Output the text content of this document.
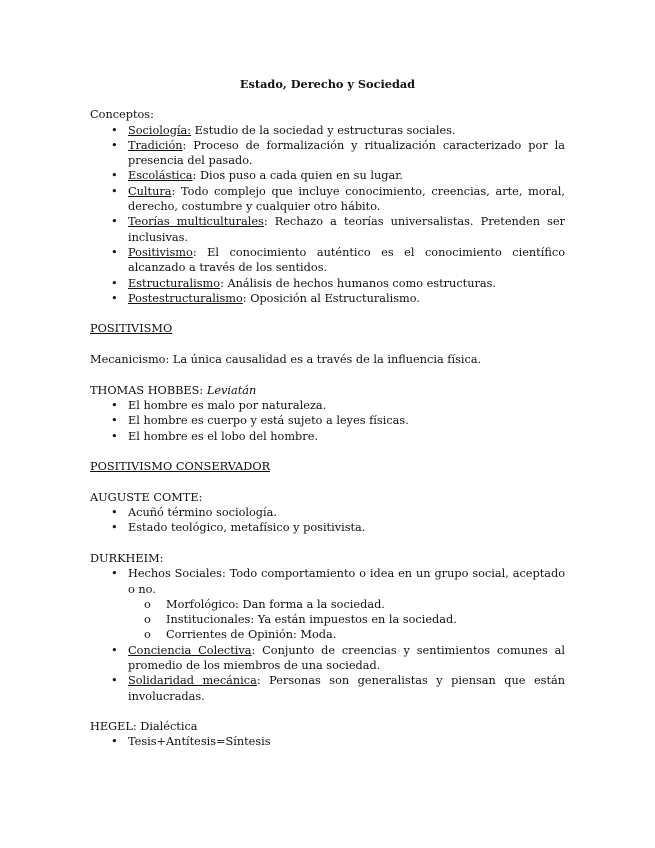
Estado, Derecho y Sociedad

Conceptos:

• Sociología: Estudio de la sociedad y estructuras sociales.
• Tradición: Proceso de formalización y ritualización caracterizado por la presencia del pasado.
• Escolástica: Dios puso a cada quien en su lugar.
• Cultura: Todo complejo que incluye conocimiento, creencias, arte, moral, derecho, costumbre y cualquier otro hábito.
• Teorías multiculturales: Rechazo a teorías universalistas. Pretenden ser inclusivas.
• Positivismo: El conocimiento auténtico es el conocimiento científico alcanzado a través de los sentidos.
• Estructuralismo: Análisis de hechos humanos como estructuras.
• Postestructuralismo: Oposición al Estructuralismo.

POSITIVISMO

Mecanicismo: La única causalidad es a través de la influencia física.

THOMAS HOBBES: Leviatán

• El hombre es malo por naturaleza.
• El hombre es cuerpo y está sujeto a leyes físicas.
• El hombre es el lobo del hombre.

POSITIVISMO CONSERVADOR

AUGUSTE COMTE:

• Acuñó término sociología.
• Estado teológico, metafísico y positivista.

DURKHEIM:

• Hechos Sociales: Todo comportamiento o idea en un grupo social, aceptado o no.
o Morfológico: Dan forma a la sociedad.
o Institucionales: Ya están impuestos en la sociedad.
o Corrientes de Opinión: Moda.
• Conciencia Colectiva: Conjunto de creencias y sentimientos comunes al promedio de los miembros de una sociedad.
• Solidaridad mecánica: Personas son generalistas y piensan que están involucradas.

HEGEL: Dialéctica

• Tesis+Antítesis=Síntesis
